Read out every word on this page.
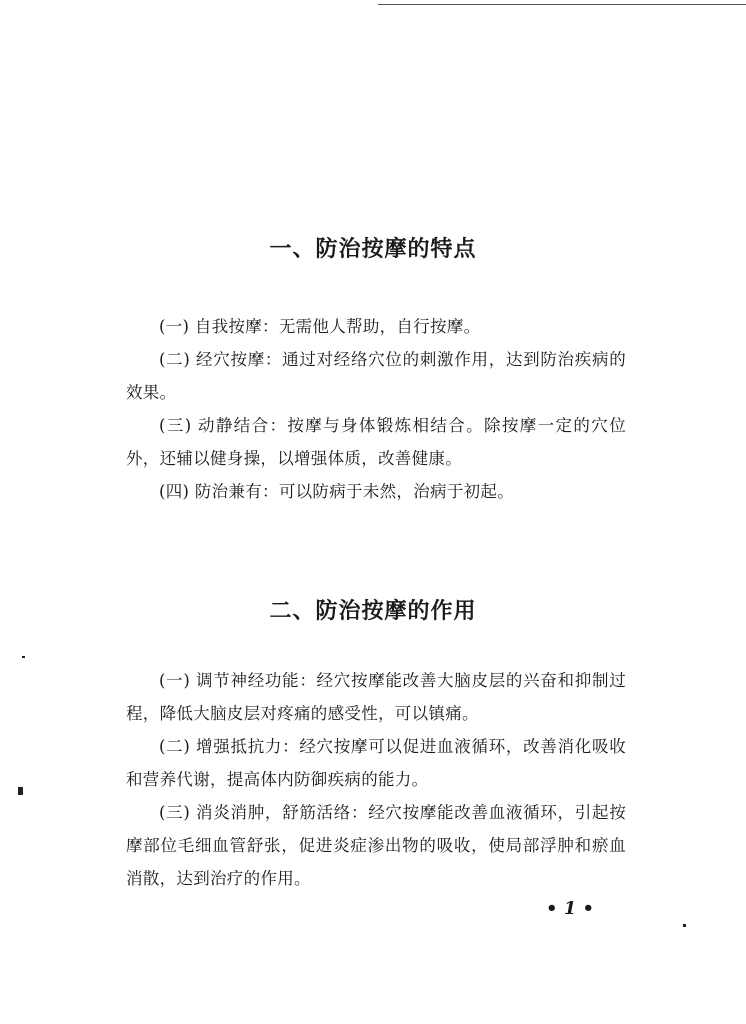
一、防治按摩的特点

(一) 自我按摩：无需他人帮助，自行按摩。

(二) 经穴按摩：通过对经络穴位的刺激作用，达到防治疾病的效果。

(三) 动静结合：按摩与身体锻炼相结合。除按摩一定的穴位外，还辅以健身操，以增强体质，改善健康。

(四) 防治兼有：可以防病于未然，治病于初起。

二、防治按摩的作用

(一) 调节神经功能：经穴按摩能改善大脑皮层的兴奋和抑制过程，降低大脑皮层对疼痛的感受性，可以镇痛。

(二) 增强抵抗力：经穴按摩可以促进血液循环，改善消化吸收和营养代谢，提高体内防御疾病的能力。

(三) 消炎消肿，舒筋活络：经穴按摩能改善血液循环，引起按摩部位毛细血管舒张，促进炎症渗出物的吸收，使局部浮肿和瘀血消散，达到治疗的作用。

• 1 •
